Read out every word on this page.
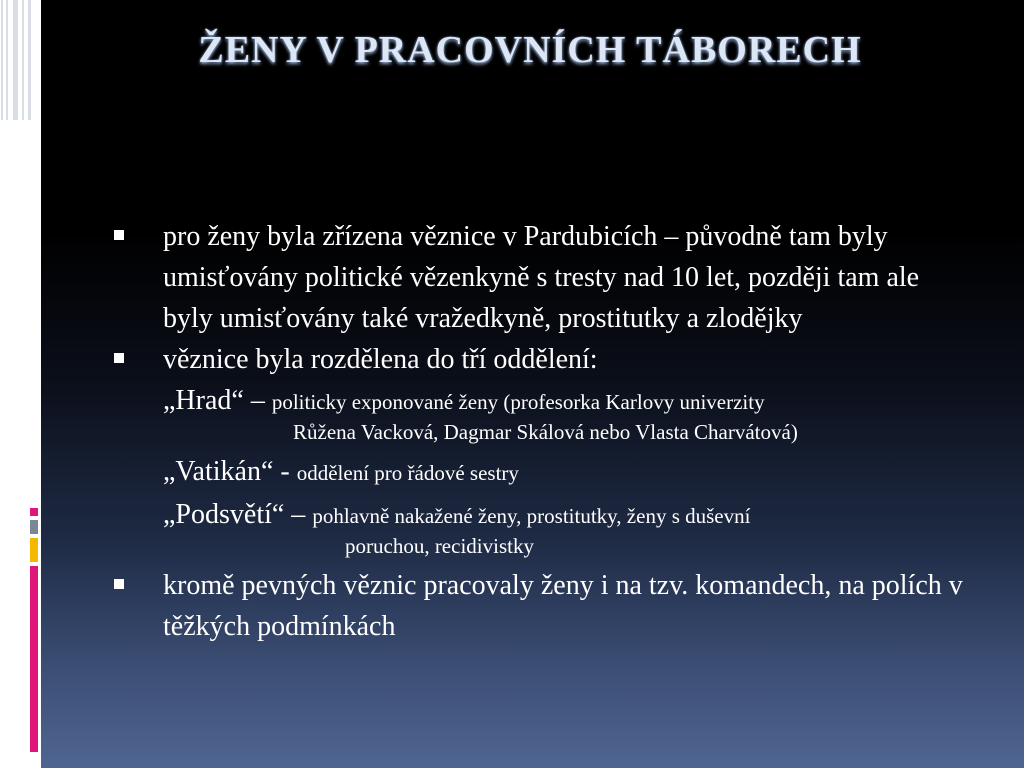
ŽENY V PRACOVNÍCH TÁBORECH
pro ženy byla zřízena věznice v Pardubicích – původně tam byly umisťovány politické vězenkyně s tresty nad 10 let, později tam ale byly umisťovány také vražedkyně, prostitutky a zlodějky
věznice byla rozdělena do tří oddělení:
„Hrad“ – politicky exponované ženy (profesorka Karlovy univerzity
Růžena Vacková, Dagmar Skálová nebo Vlasta Charvátová)
„Vatikán“ - oddělení pro řádové sestry
„Podsvětí“ – pohlavně nakažené ženy, prostitutky, ženy s duševní
poruchou, recidivistky
kromě pevných věznic pracovaly ženy i na tzv. komandech, na polích v těžkých podmínkách
